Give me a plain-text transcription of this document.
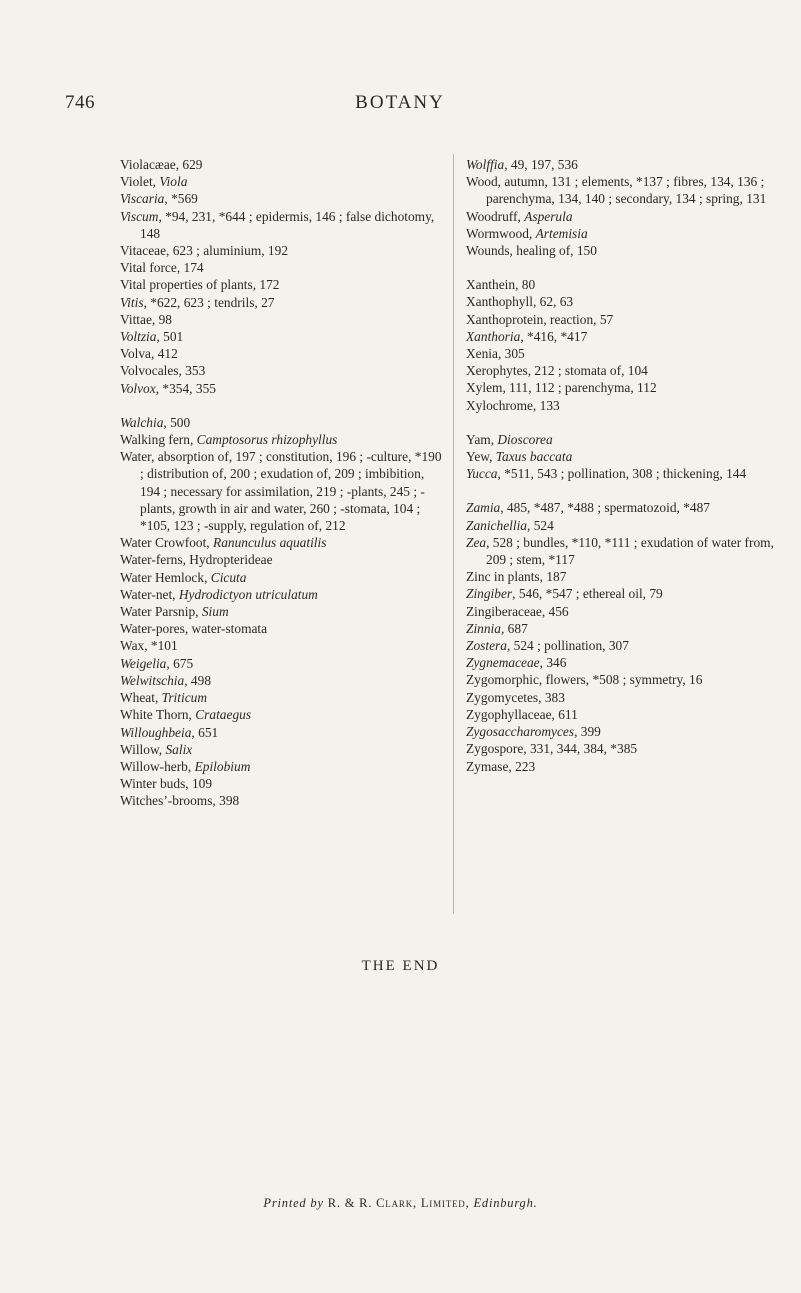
746	BOTANY

Violacæae, 629

Violet, Viola

Viscaria, *569

Viscum, *94, 231, *644 ; epidermis, 146 ; false dichotomy, 148

Vitaceae, 623 ; aluminium, 192

Vital force, 174

Vital properties of plants, 172

Vitis, *622, 623 ; tendrils, 27

Vittae, 98

Voltzia, 501

Volva, 412

Volvocales, 353

Volvox, *354, 355

Walchia, 500

Walking fern, Camptosorus rhizophyllus

Water, absorption of, 197 ; constitution, 196 ; -culture, *190 ; distribution of, 200 ; exudation of, 209 ; imbibition, 194 ; necessary for assimilation, 219 ; -plants, 245 ; -plants, growth in air and water, 260 ; -stomata, 104 ; *105, 123 ; -supply, regulation of, 212

Water Crowfoot, Ranunculus aquatilis

Water-ferns, Hydropterideae

Water Hemlock, Cicuta

Water-net, Hydrodictyon utriculatum

Water Parsnip, Sium

Water-pores, water-stomata

Wax, *101

Weigelia, 675

Welwitschia, 498

Wheat, Triticum

White Thorn, Crataegus

Willoughbeia, 651

Willow, Salix

Willow-herb, Epilobium

Winter buds, 109

Witches’-brooms, 398

Wolffia, 49, 197, 536

Wood, autumn, 131 ; elements, *137 ; fibres, 134, 136 ; parenchyma, 134, 140 ; secondary, 134 ; spring, 131

Woodruff, Asperula

Wormwood, Artemisia

Wounds, healing of, 150

Xanthein, 80

Xanthophyll, 62, 63

Xanthoprotein, reaction, 57

Xanthoria, *416, *417

Xenia, 305

Xerophytes, 212 ; stomata of, 104

Xylem, 111, 112 ; parenchyma, 112

Xylochrome, 133

Yam, Dioscorea

Yew, Taxus baccata

Yucca, *511, 543 ; pollination, 308 ; thickening, 144

Zamia, 485, *487, *488 ; spermatozoid, *487

Zanichellia, 524

Zea, 528 ; bundles, *110, *111 ; exudation of water from, 209 ; stem, *117

Zinc in plants, 187

Zingiber, 546, *547 ; ethereal oil, 79

Zingiberaceae, 456

Zinnia, 687

Zostera, 524 ; pollination, 307

Zygnemaceae, 346

Zygomorphic, flowers, *508 ; symmetry, 16

Zygomycetes, 383

Zygophyllaceae, 611

Zygosaccharomyces, 399

Zygospore, 331, 344, 384, *385

Zymase, 223

THE END
Printed by R. & R. Clark, Limited, Edinburgh.
